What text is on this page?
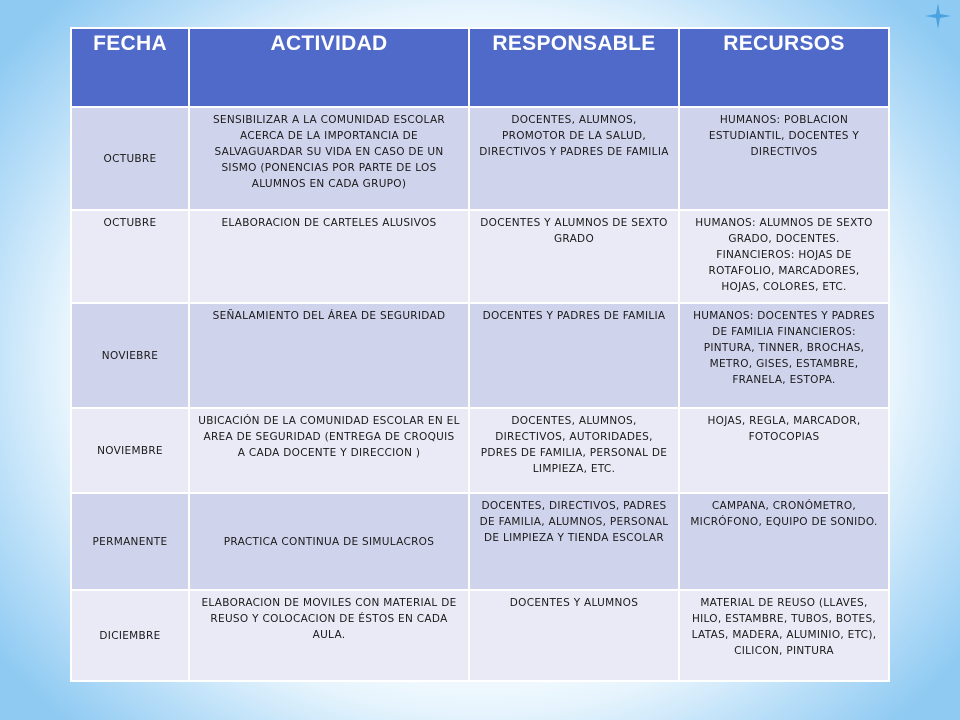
FECHA	ACTIVIDAD	RESPONSABLE	RECURSOS
OCTUBRE	SENSIBILIZAR A LA COMUNIDAD ESCOLAR ACERCA DE LA IMPORTANCIA DE SALVAGUARDAR SU VIDA EN CASO DE UN SISMO (PONENCIAS POR PARTE DE LOS ALUMNOS EN CADA GRUPO)	DOCENTES, ALUMNOS, PROMOTOR DE LA SALUD, DIRECTIVOS Y PADRES DE FAMILIA	HUMANOS: POBLACION ESTUDIANTIL, DOCENTES Y DIRECTIVOS
OCTUBRE	ELABORACION DE CARTELES ALUSIVOS	DOCENTES Y ALUMNOS DE SEXTO GRADO	HUMANOS: ALUMNOS DE SEXTO GRADO, DOCENTES. FINANCIEROS: HOJAS DE ROTAFOLIO, MARCADORES, HOJAS, COLORES, ETC.
NOVIEBRE	SEÑALAMIENTO DEL ÁREA DE SEGURIDAD	DOCENTES Y PADRES DE FAMILIA	HUMANOS: DOCENTES Y PADRES DE FAMILIA FINANCIEROS: PINTURA, TINNER, BROCHAS, METRO, GISES, ESTAMBRE, FRANELA, ESTOPA.
NOVIEMBRE	UBICACIÓN DE LA COMUNIDAD ESCOLAR EN EL AREA DE SEGURIDAD (ENTREGA DE CROQUIS A CADA DOCENTE Y DIRECCION )	DOCENTES, ALUMNOS, DIRECTIVOS, AUTORIDADES, PDRES DE FAMILIA, PERSONAL DE LIMPIEZA, ETC.	HOJAS, REGLA, MARCADOR, FOTOCOPIAS
PERMANENTE	PRACTICA CONTINUA DE SIMULACROS	DOCENTES, DIRECTIVOS, PADRES DE FAMILIA, ALUMNOS, PERSONAL DE LIMPIEZA Y TIENDA ESCOLAR	CAMPANA, CRONÓMETRO, MICRÓFONO, EQUIPO DE SONIDO.
DICIEMBRE	ELABORACION DE MOVILES CON MATERIAL DE REUSO Y COLOCACION DE ÉSTOS EN CADA AULA.	DOCENTES Y ALUMNOS	MATERIAL DE REUSO (LLAVES, HILO, ESTAMBRE, TUBOS, BOTES, LATAS, MADERA, ALUMINIO, ETC), CILICON, PINTURA
